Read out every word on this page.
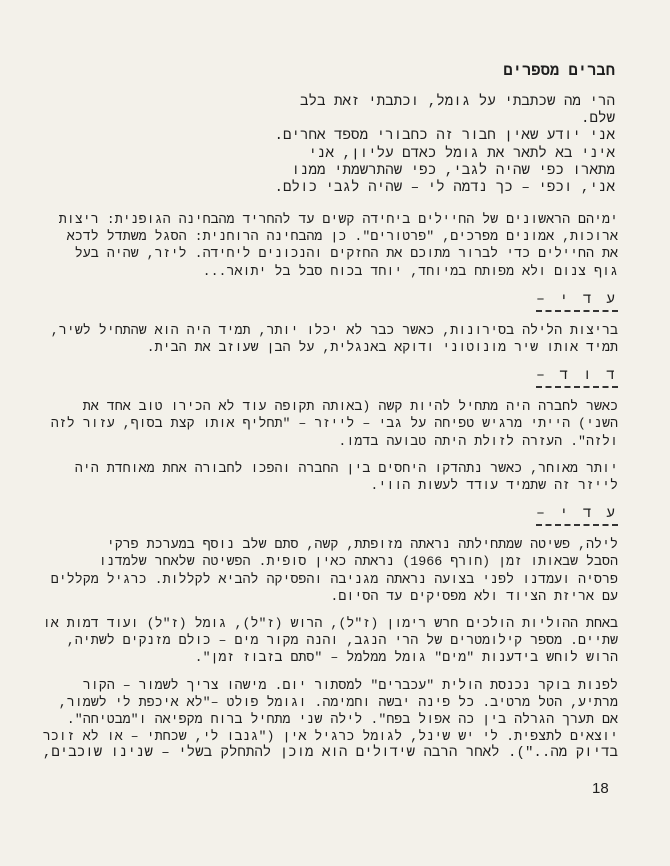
חברים מספרים
הרי מה שכתבתי על גומל, וכתבתי זאת בלב
שלם.
אני יודע שאין חבור זה כחבורי מספד אחרים.
איני בא לתאר את גומל כאדם עליון, אני
מתארו כפי שהיה לגבי, כפי שהתרשמתי ממנו
אני, וכפי – כך נדמה לי – שהיה לגבי כולם.
ימיהם הראשונים של החיילים ביחידה קשים עד להחריד מהבחינה הגופנית: ריצות
ארוכות, אמונים מפרכים, "פרטורים". כן מהבחינה הרוחנית: הסגל משתדל לדכא
את החיילים כדי לברור מתוכם את החזקים והנכונים ליחידה. ליזר, שהיה בעל
גוף צנום ולא מפותח במיוחד, יוחד בכוח סבל בל יתואר...
ע ד י –
בריצות הלילה בסירונות, כאשר כבר לא יכלו יותר, תמיד היה הוא שהתחיל לשיר,
תמיד אותו שיר מונוטוני ודוקא באנגלית, על הבן שעוזב את הבית.
ד ו ד –
כאשר לחברה היה מתחיל להיות קשה (באותה תקופה עוד לא הכירו טוב אחד את
השני) הייתי מרגיש טפיחה על גבי – לייזר – "תחליף אותו קצת בסוף, עזור לזה
ולזה". העזרה לזולת היתה טבועה בדמו.
יותר מאוחר, כאשר נתהדקו היחסים בין החברה והפכו לחבורה אחת מאוחדת היה
לייזר זה שתמיד עודד לעשות הווי.
ע ד י –
לילה, פשיטה שמתחילתה נראתה מזופתת, קשה, סתם שלב נוסף במערכת פרקי
הסבל שבאותו זמן (חורף 1966) נראתה כאין סופית. הפשיטה שלאחר שלמדנו
פרסיה ועמדנו לפני בצועה נראתה מגניבה והפסיקה להביא לקללות. כרגיל מקללים
עם אריזת הציוד ולא מפסיקים עד הסיום.
באחת ההוליות הולכים חרש רימון (ז"ל), הרוש (ז"ל), גומל (ז"ל) ועוד דמות או
שתיים. מספר קילומטרים של הרי הנגב, והנה מקור מים – כולם מזנקים לשתיה,
הרוש לוחש בידענות "מים" גומל ממלמל – "סתם בזבוז זמן".
לפנות בוקר נכנסת הולית "עכברים" למסתור יום. מישהו צריך לשמור – הקור
מרתיע, הטל מרטיב. כל פינה יבשה וחמימה. וגומל פולט –"לא איכפת לי לשמור,
אם תערך הגרלה בין כה אפול בפח". לילה שני מתחיל ברוח מקפיאה ו"מבטיחה".
יוצאים לתצפית. לי יש שינל, לגומל כרגיל אין ("גנבו לי, שכחתי – או לא זוכר
בדיוק מה.."). לאחר הרבה שידולים הוא מוכן להתחלק בשלי – שנינו שוכבים,
18
